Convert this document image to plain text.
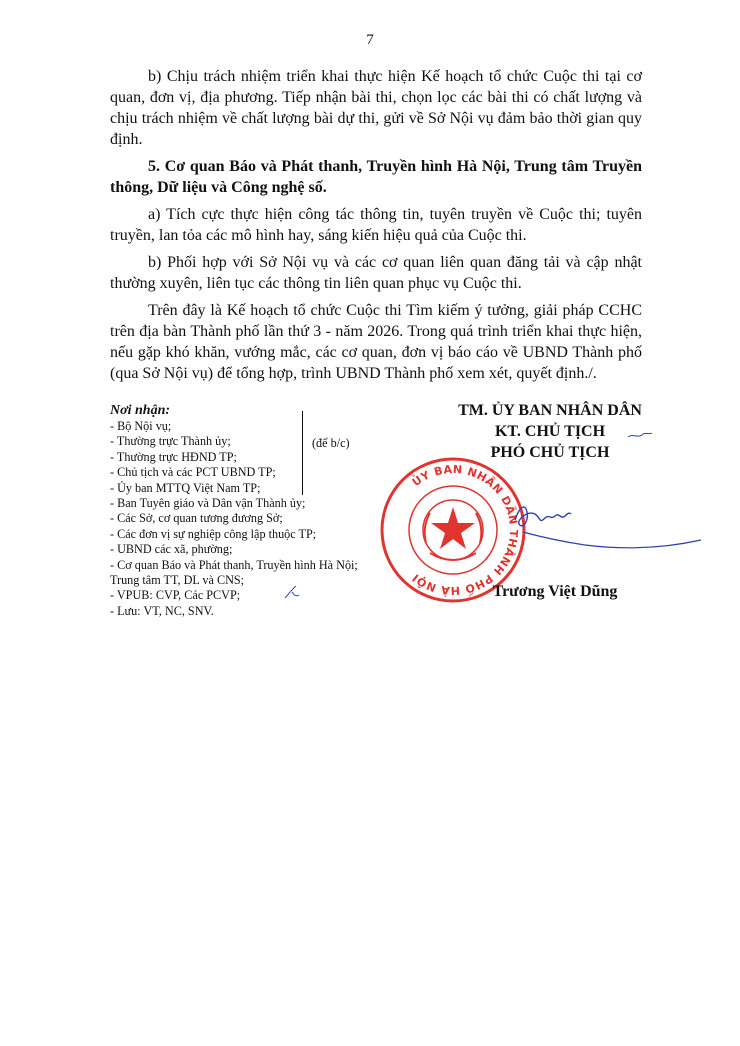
7

b) Chịu trách nhiệm triển khai thực hiện Kế hoạch tổ chức Cuộc thi tại cơ quan, đơn vị, địa phương. Tiếp nhận bài thi, chọn lọc các bài thi có chất lượng và chịu trách nhiệm về chất lượng bài dự thi, gửi về Sở Nội vụ đảm bảo thời gian quy định.

5. Cơ quan Báo và Phát thanh, Truyền hình Hà Nội, Trung tâm Truyền thông, Dữ liệu và Công nghệ số.

a) Tích cực thực hiện công tác thông tin, tuyên truyền về Cuộc thi; tuyên truyền, lan tỏa các mô hình hay, sáng kiến hiệu quả của Cuộc thi.

b) Phối hợp với Sở Nội vụ và các cơ quan liên quan đăng tải và cập nhật thường xuyên, liên tục các thông tin liên quan phục vụ Cuộc thi.

Trên đây là Kế hoạch tổ chức Cuộc thi Tìm kiếm ý tưởng, giải pháp CCHC trên địa bàn Thành phố lần thứ 3 - năm 2026. Trong quá trình triển khai thực hiện, nếu gặp khó khăn, vướng mắc, các cơ quan, đơn vị báo cáo về UBND Thành phố (qua Sở Nội vụ) để tổng hợp, trình UBND Thành phố xem xét, quyết định./.

Nơi nhận:
- Bộ Nội vụ;
- Thường trực Thành ủy;
- Thường trực HĐND TP;
- Chủ tịch và các PCT UBND TP;
- Ủy ban MTTQ Việt Nam TP;
- Ban Tuyên giáo và Dân vận Thành ủy;
- Các Sở, cơ quan tương đương Sở;
- Các đơn vị sự nghiệp công lập thuộc TP;
- UBND các xã, phường;
- Cơ quan Báo và Phát thanh, Truyền hình Hà Nội;
Trung tâm TT, DL và CNS;
- VPUB: CVP, Các PCVP;
- Lưu: VT, NC, SNV.
(để b/c)
ỦY BAN NHÂN DÂN THÀNH PHỐ HÀ NỘI
TM. ỦY BAN NHÂN DÂN
KT. CHỦ TỊCH
PHÓ CHỦ TỊCH
Trương Việt Dũng
